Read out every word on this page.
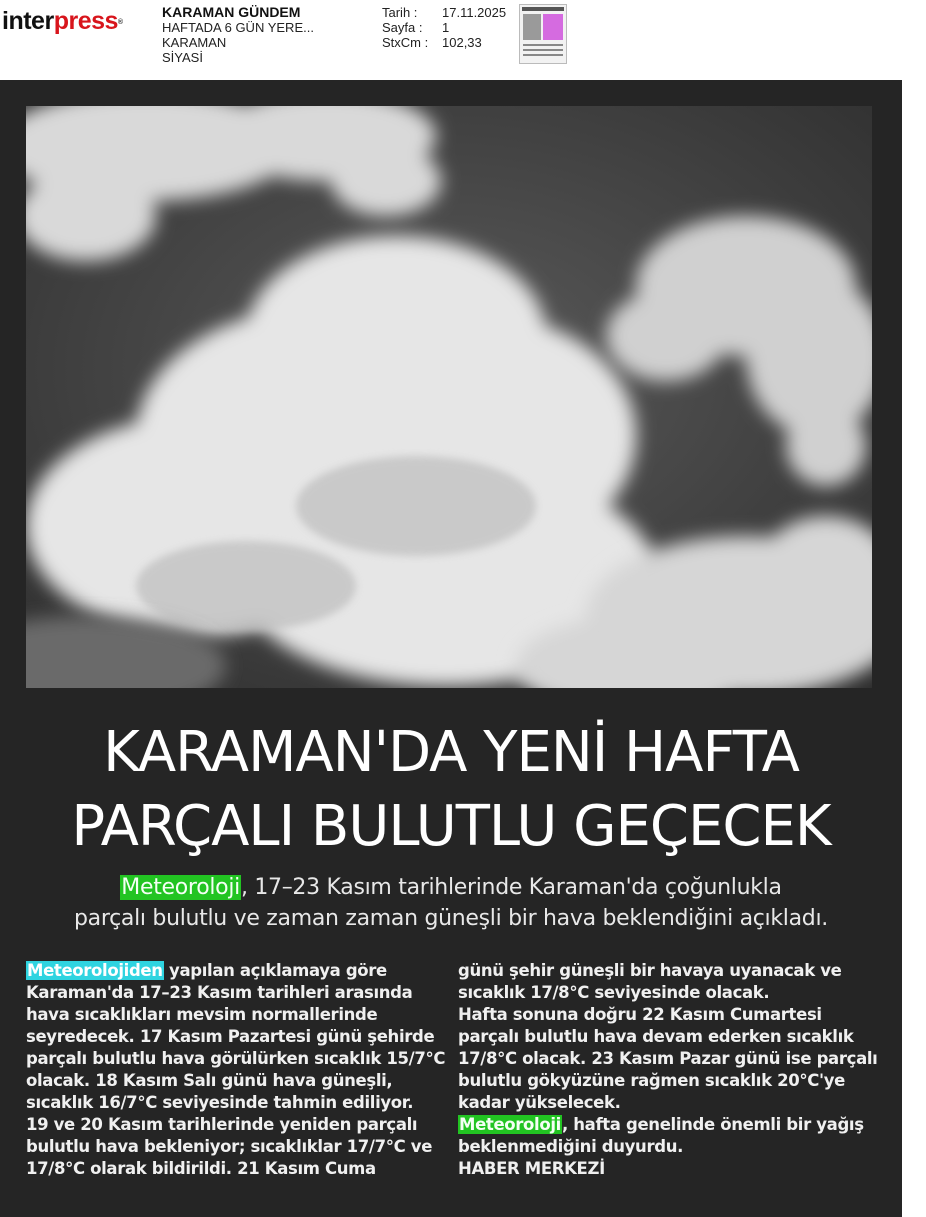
interpress®
KARAMAN GÜNDEM
HAFTADA 6 GÜN YERE...
KARAMAN
SİYASİ
Tarih :	17.11.2025
Sayfa :	1
StxCm :	102,33
KARAMAN'DA YENİ HAFTA
PARÇALI BULUTLU GEÇECEK
Meteoroloji, 17–23 Kasım tarihlerinde Karaman'da çoğunlukla
parçalı bulutlu ve zaman zaman güneşli bir hava beklendiğini açıkladı.

Meteorolojiden yapılan açıklamaya göre Karaman'da 17–23 Kasım tarihleri arasında hava sıcaklıkları mevsim normallerinde seyredecek. 17 Kasım Pazartesi günü şehirde parçalı bulutlu hava görülürken sıcaklık 15/7°C olacak. 18 Kasım Salı günü hava güneşli, sıcaklık 16/7°C seviyesinde tahmin ediliyor.

19 ve 20 Kasım tarihlerinde yeniden parçalı bulutlu hava bekleniyor; sıcaklıklar 17/7°C ve 17/8°C olarak bildirildi. 21 Kasım Cuma

günü şehir güneşli bir havaya uyanacak ve sıcaklık 17/8°C seviyesinde olacak.

Hafta sonuna doğru 22 Kasım Cumartesi parçalı bulutlu hava devam ederken sıcaklık 17/8°C olacak. 23 Kasım Pazar günü ise parçalı bulutlu gökyüzüne rağmen sıcaklık 20°C'ye kadar yükselecek.

Meteoroloji, hafta genelinde önemli bir yağış beklenmediğini duyurdu.

HABER MERKEZİ
